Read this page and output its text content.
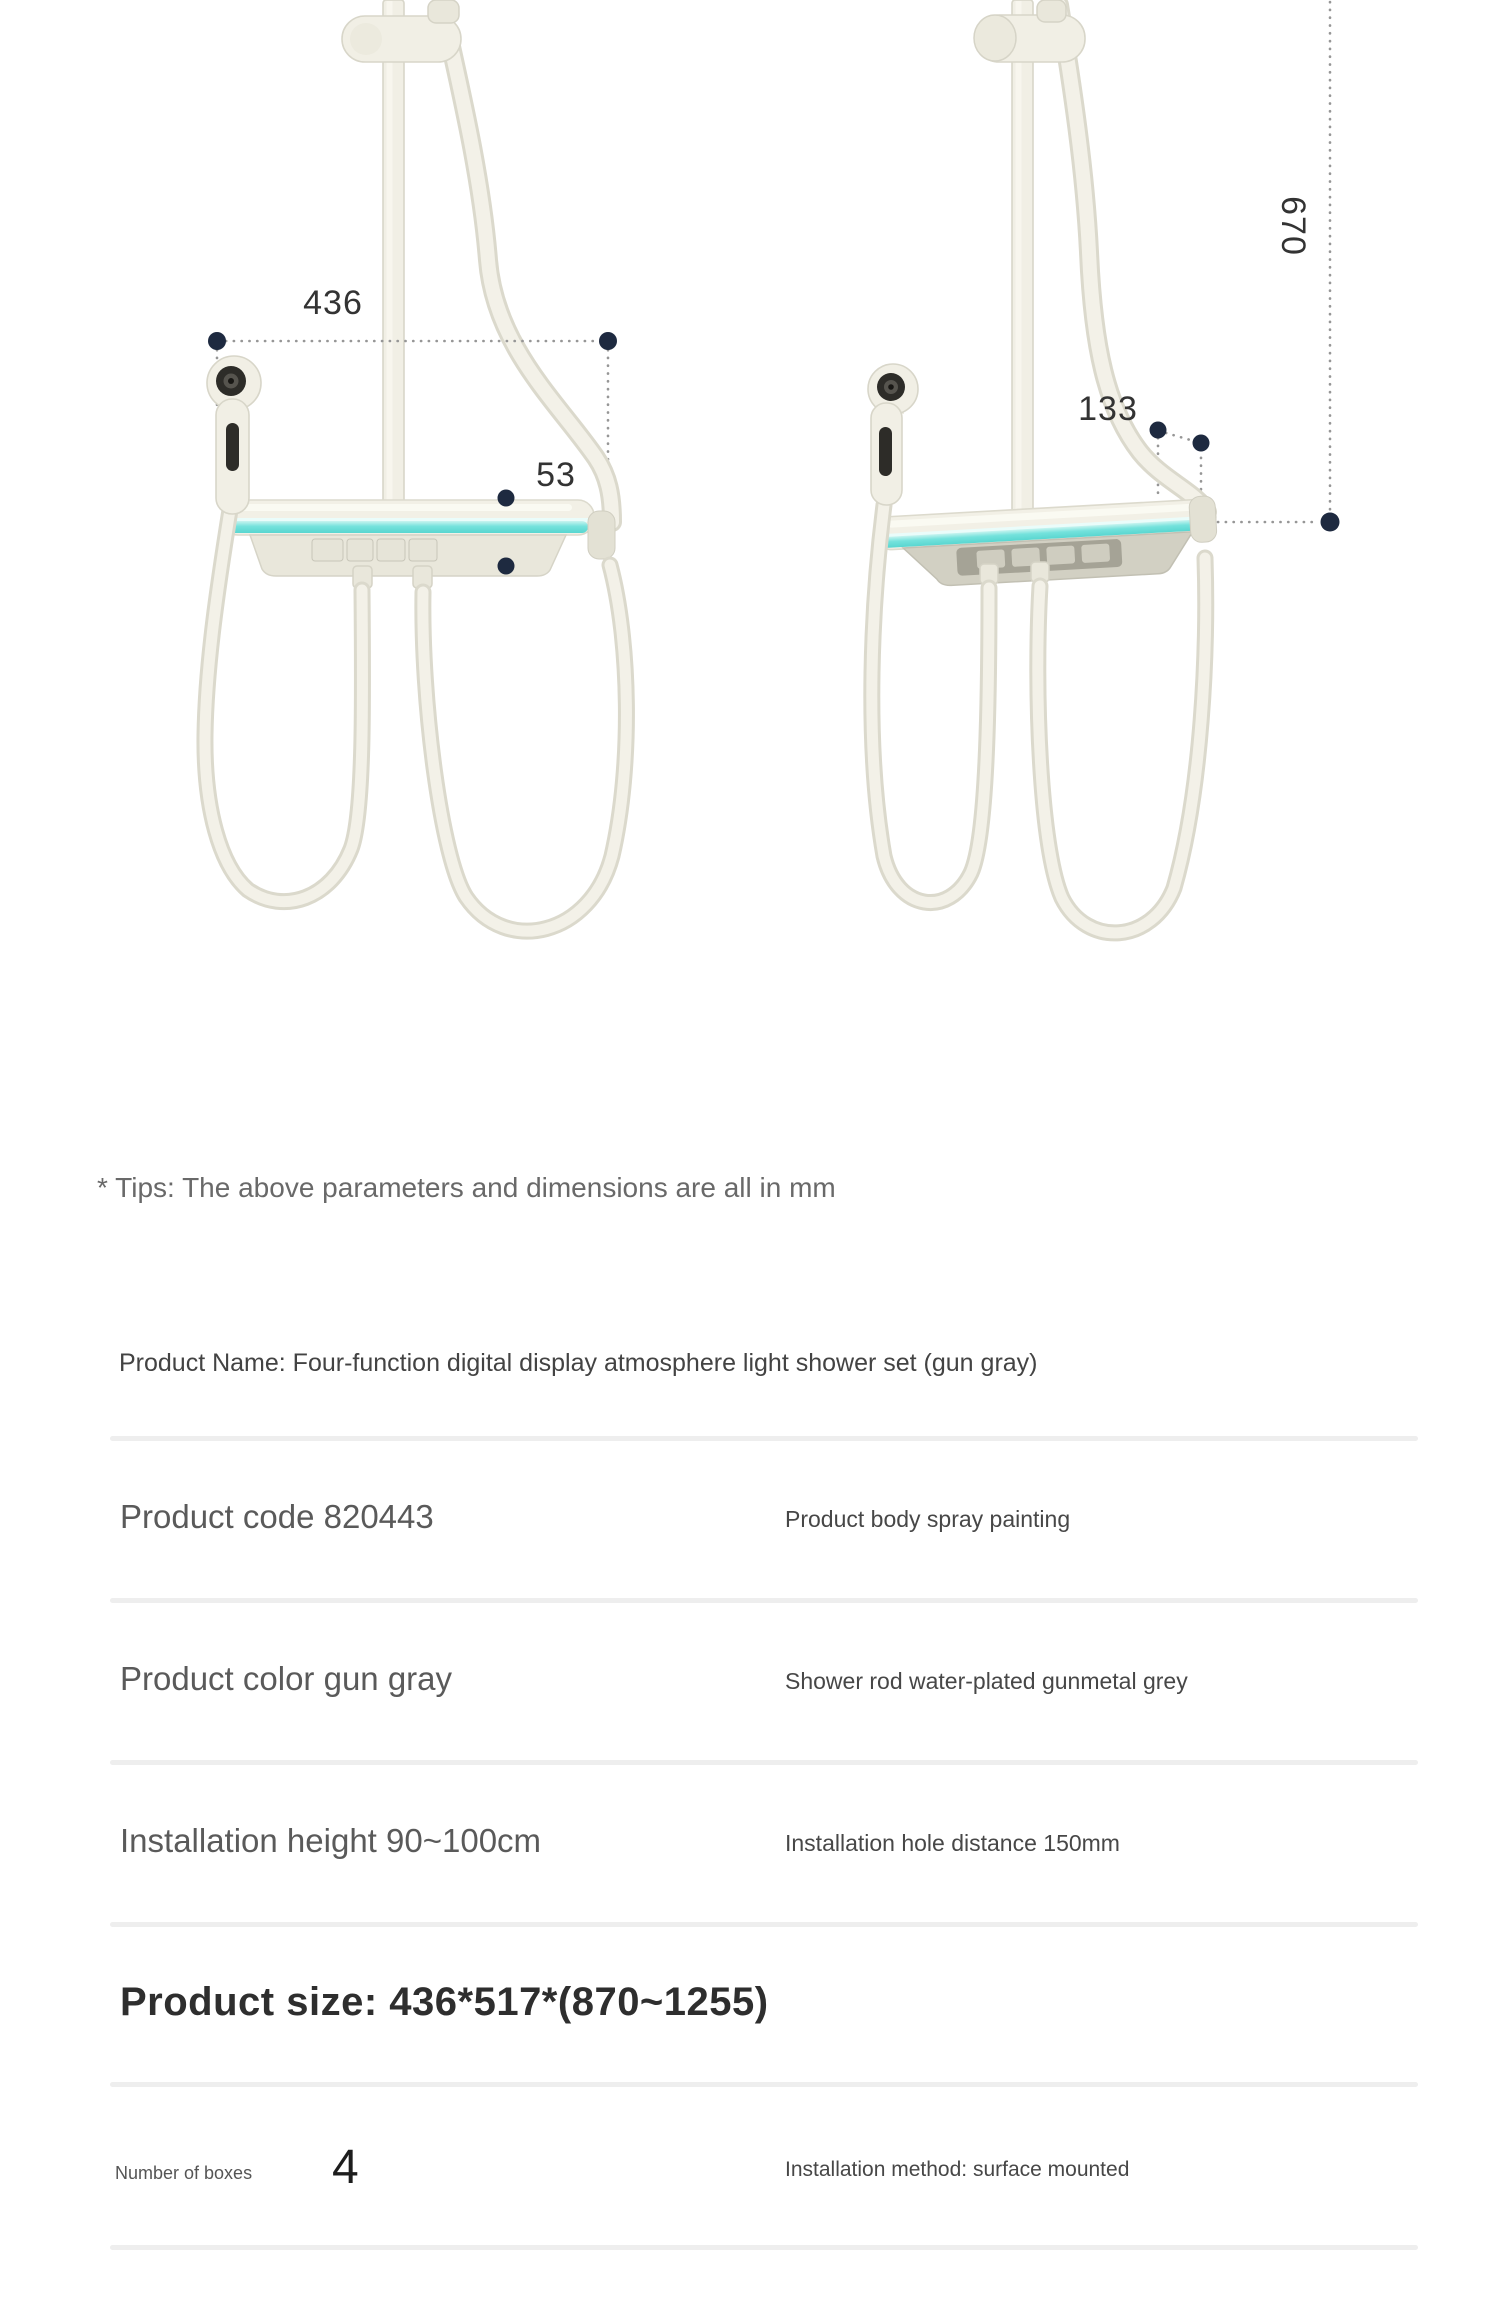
436
53
133
670
* Tips: The above parameters and dimensions are all in mm
Product Name: Four-function digital display atmosphere light shower set (gun gray)
Product code 820443	Product body spray painting
Product color gun gray	Shower rod water-plated gunmetal grey
Installation height 90~100cm	Installation hole distance 150mm
Product size: 436*517*(870~1255)
Number of boxes 4	Installation method: surface mounted
